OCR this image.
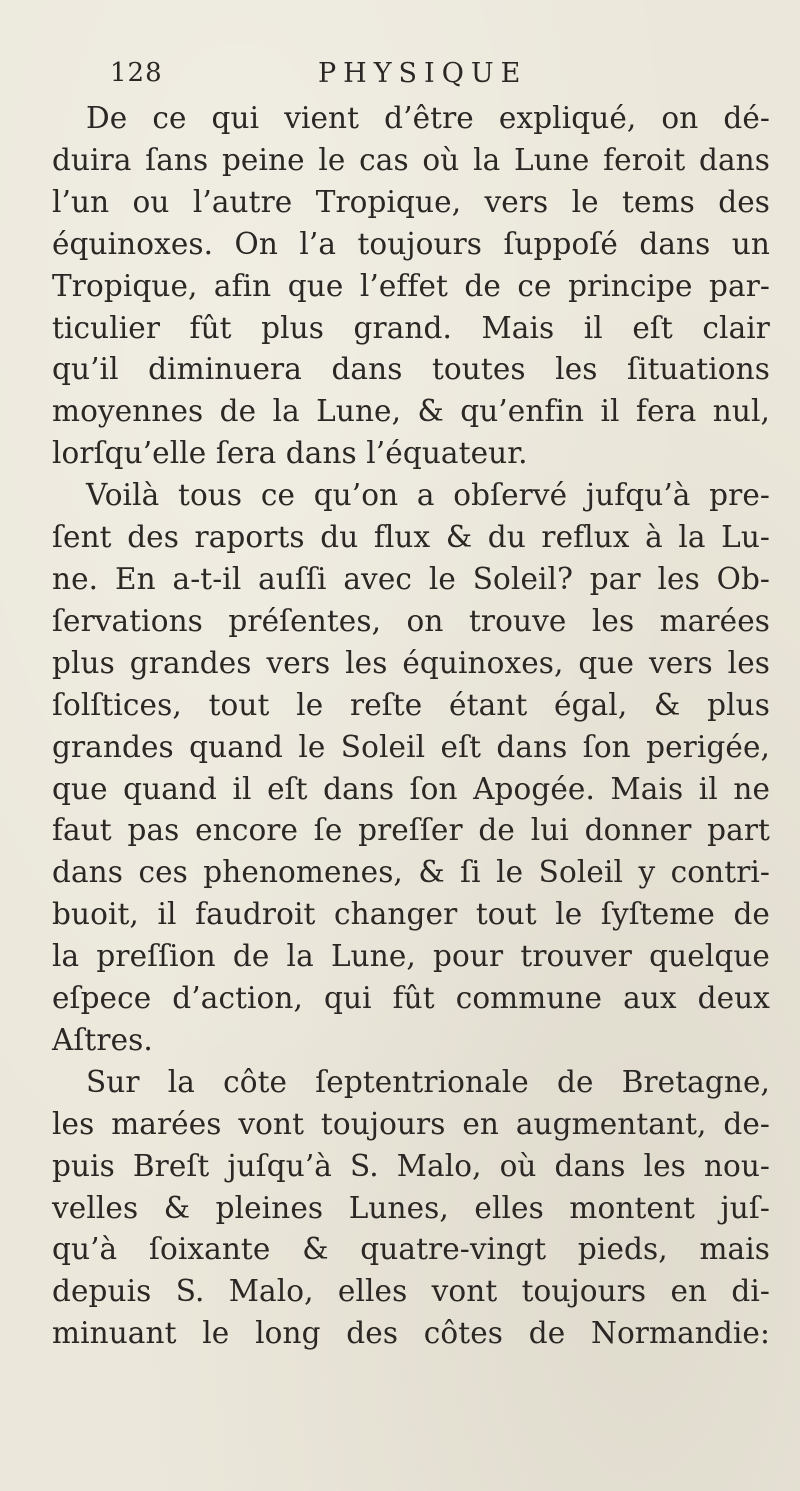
128	PHYSIQUE
De ce qui vient d’être expliqué, on dé-
duira ſans peine le cas où la Lune feroit dans
l’un ou l’autre Tropique, vers le tems des
équinoxes. On l’a toujours ſuppoſé dans un
Tropique, afin que l’effet de ce principe par-
ticulier fût plus grand. Mais il eſt clair
qu’il diminuera dans toutes les ſituations
moyennes de la Lune, & qu’enfin il fera nul,
lorſqu’elle ſera dans l’équateur.
Voilà tous ce qu’on a obſervé jufqu’à pre-
ſent des raports du flux & du reflux à la Lu-
ne. En a-t-il auſſi avec le Soleil? par les Ob-
ſervations préſentes, on trouve les marées
plus grandes vers les équinoxes, que vers les
ſolſtices, tout le reſte étant égal, & plus
grandes quand le Soleil eſt dans ſon perigée,
que quand il eſt dans ſon Apogée. Mais il ne
faut pas encore ſe preſſer de lui donner part
dans ces phenomenes, & ſi le Soleil y contri-
buoit, il faudroit changer tout le ſyſteme de
la preſſion de la Lune, pour trouver quelque
eſpece d’action, qui fût commune aux deux
Aſtres.
Sur la côte ſeptentrionale de Bretagne,
les marées vont toujours en augmentant, de-
puis Breſt juſqu’à S. Malo, où dans les nou-
velles & pleines Lunes, elles montent juſ-
qu’à ſoixante & quatre-vingt pieds, mais
depuis S. Malo, elles vont toujours en di-
minuant le long des côtes de Normandie:
